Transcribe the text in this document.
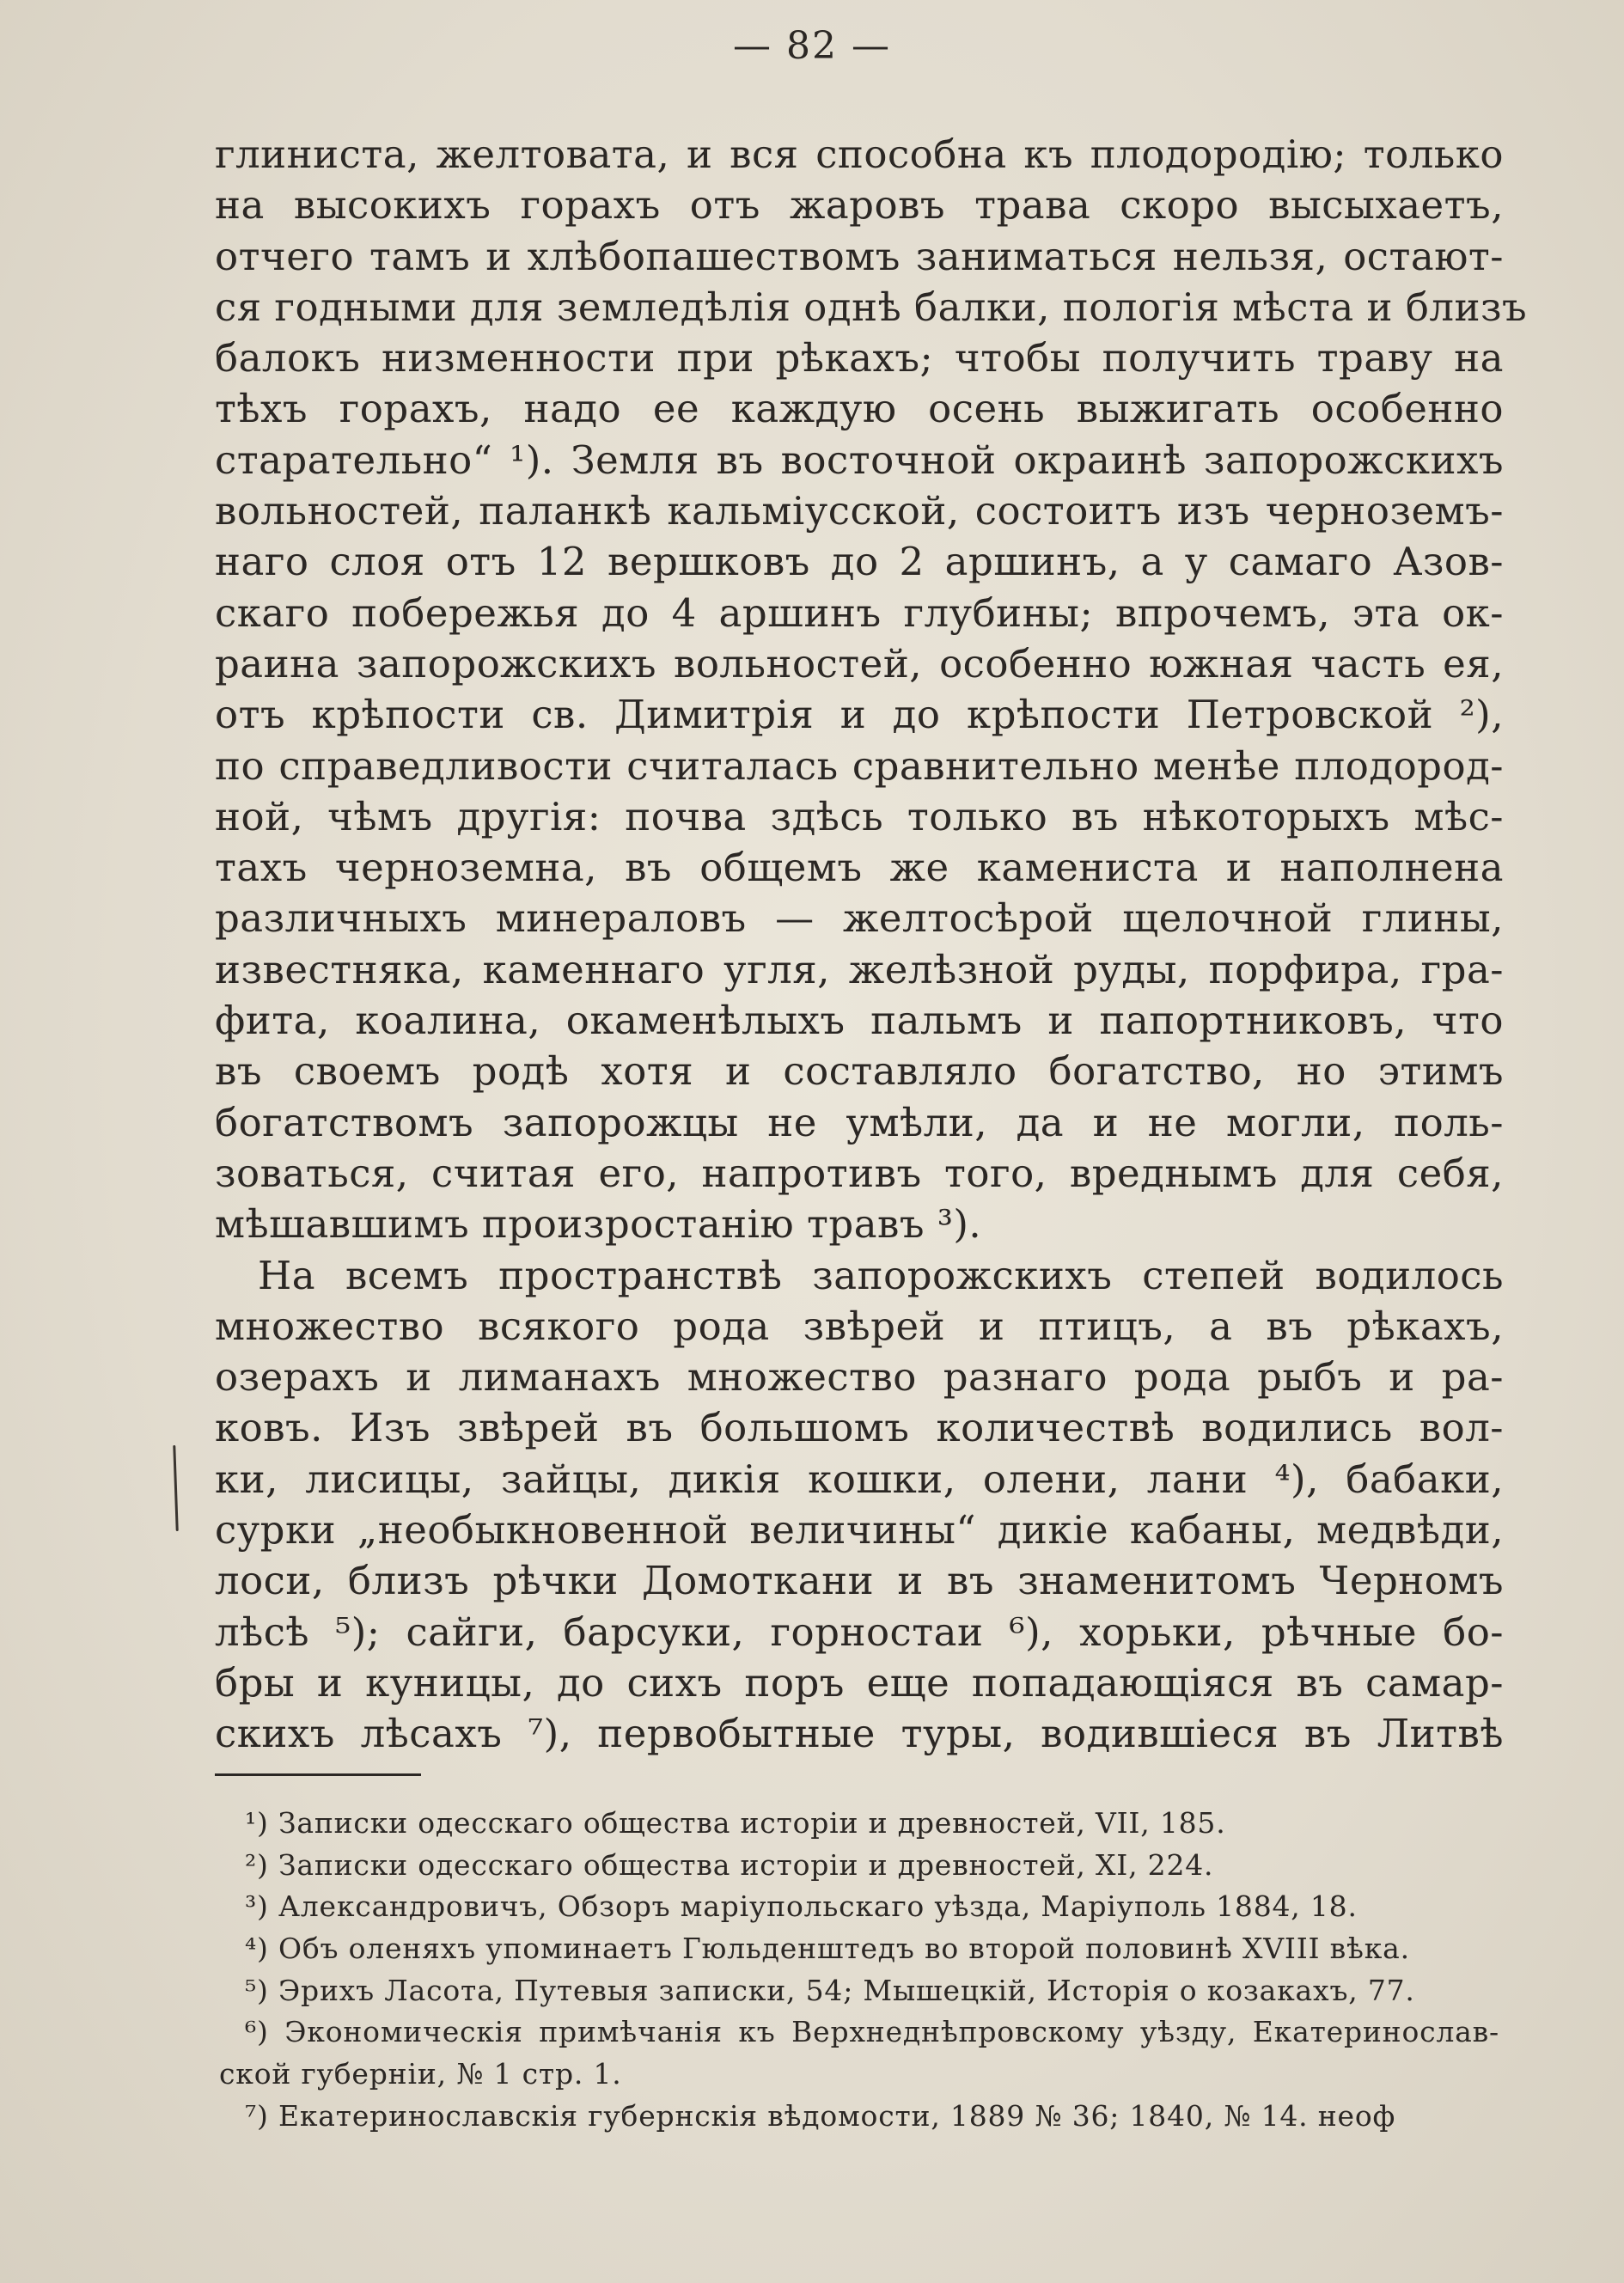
— 82 —
глиниста, желтовата, и вся способна къ плодородію; только
на высокихъ горахъ отъ жаровъ трава скоро высыхаетъ,
отчего тамъ и хлѣбопашествомъ заниматься нельзя, остают-
ся годными для земледѣлія однѣ балки, пологія мѣста и близъ
балокъ низменности при рѣкахъ; чтобы получить траву на
тѣхъ горахъ, надо ее каждую осень выжигать особенно
старательно“ ¹). Земля въ восточной окраинѣ запорожскихъ
вольностей, паланкѣ кальміусской, состоитъ изъ черноземъ-
наго слоя отъ 12 вершковъ до 2 аршинъ, а у самаго Азов-
скаго побережья до 4 аршинъ глубины; впрочемъ, эта ок-
раина запорожскихъ вольностей, особенно южная часть ея,
отъ крѣпости св. Димитрія и до крѣпости Петровской ²),
по справедливости считалась сравнительно менѣе плодород-
ной, чѣмъ другія: почва здѣсь только въ нѣкоторыхъ мѣс-
тахъ черноземна, въ общемъ же камениста и наполнена
различныхъ минераловъ — желтосѣрой щелочной глины,
известняка, каменнаго угля, желѣзной руды, порфира, гра-
фита, коалина, окаменѣлыхъ пальмъ и папортниковъ, что
въ своемъ родѣ хотя и составляло богатство, но этимъ
богатствомъ запорожцы не умѣли, да и не могли, поль-
зоваться, считая его, напротивъ того, вреднымъ для себя,
мѣшавшимъ произростанію травъ ³).
На всемъ пространствѣ запорожскихъ степей водилось
множество всякого рода звѣрей и птицъ, а въ рѣкахъ,
озерахъ и лиманахъ множество разнаго рода рыбъ и ра-
ковъ. Изъ звѣрей въ большомъ количествѣ водились вол-
ки, лисицы, зайцы, дикія кошки, олени, лани ⁴), бабаки,
сурки „необыкновенной величины“ дикіе кабаны, медвѣди,
лоси, близъ рѣчки Домоткани и въ знаменитомъ Черномъ
лѣсѣ ⁵); сайги, барсуки, горностаи ⁶), хорьки, рѣчные бо-
бры и куницы, до сихъ поръ еще попадающіяся въ самар-
скихъ лѣсахъ ⁷), первобытные туры, водившіеся въ Литвѣ
¹) Записки одесскаго общества исторіи и древностей, VII, 185.
²) Записки одесскаго общества исторіи и древностей, XI, 224.
³) Александровичъ, Обзоръ маріупольскаго уѣзда, Маріуполь 1884, 18.
⁴) Объ оленяхъ упоминаетъ Гюльденштедъ во второй половинѣ XVIII вѣка.
⁵) Эрихъ Ласота, Путевыя записки, 54; Мышецкій, Исторія о козакахъ, 77.
⁶) Экономическія примѣчанія къ Верхнеднѣпровскому уѣзду, Екатеринослав-
ской губерніи, № 1 стр. 1.
⁷) Екатеринославскія губернскія вѣдомости, 1889 № 36; 1840, № 14. неоф
